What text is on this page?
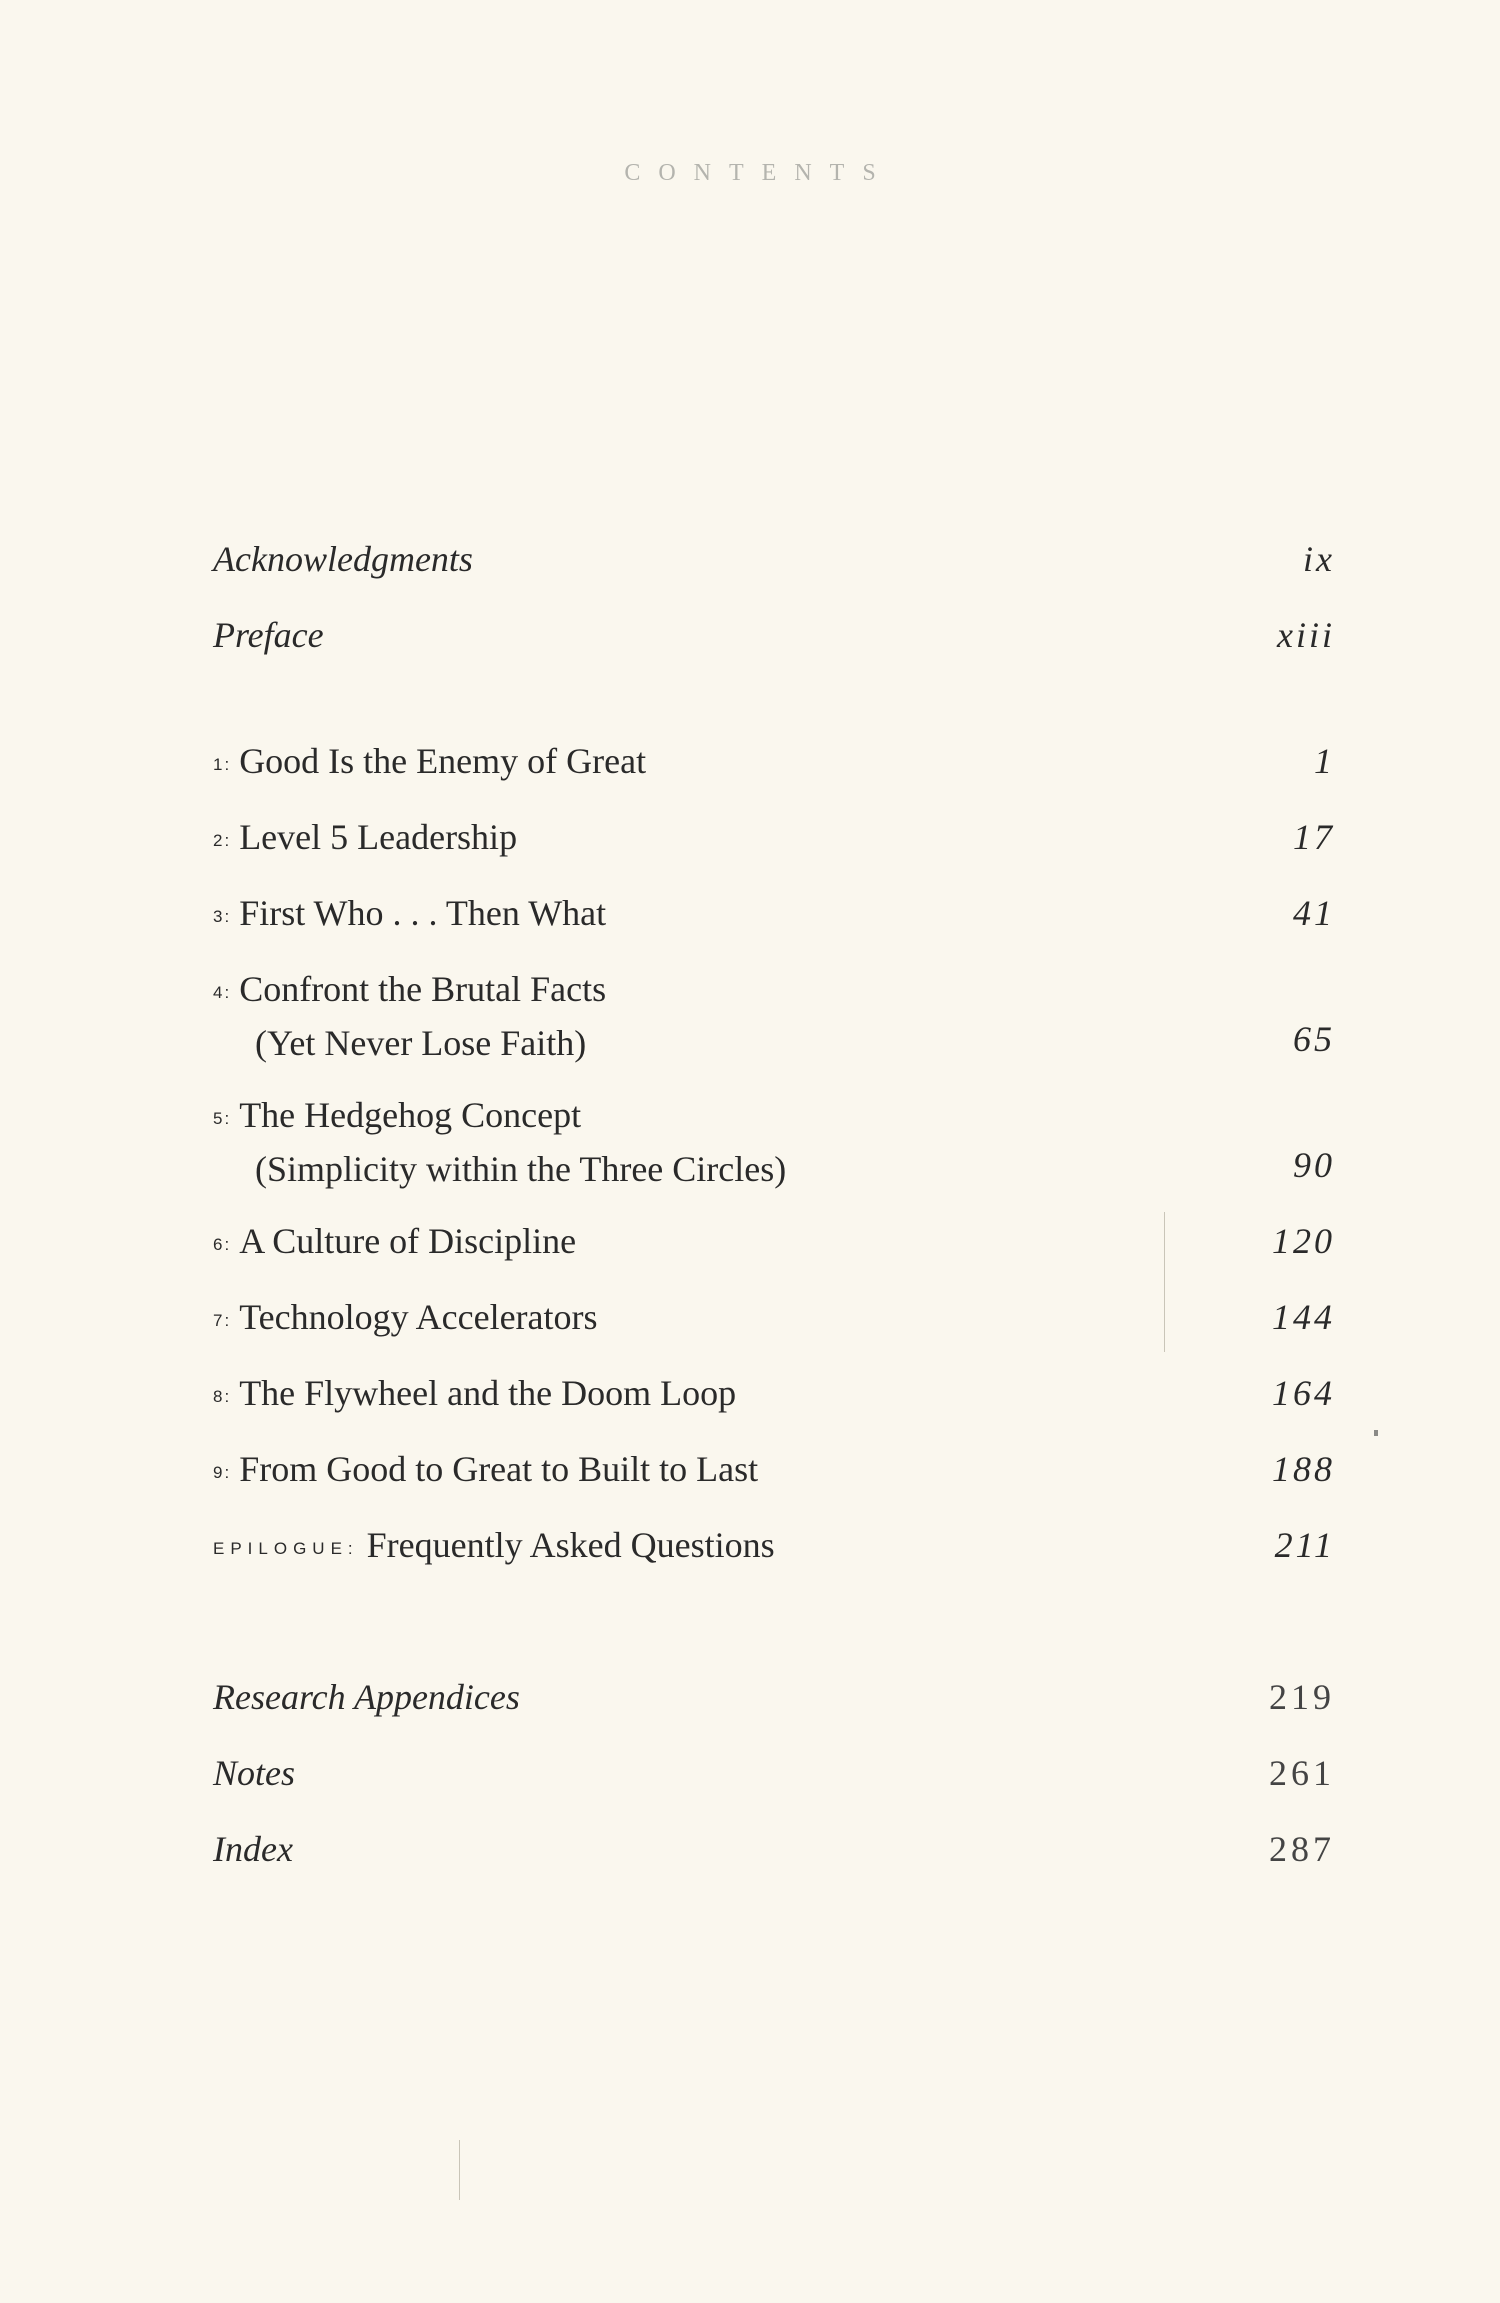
CONTENTS
Acknowledgments	ix
Preface	xiii
1: Good Is the Enemy of Great	1
2: Level 5 Leadership	17
3: First Who . . . Then What	41
4: Confront the Brutal Facts
(Yet Never Lose Faith)	65
5: The Hedgehog Concept
(Simplicity within the Three Circles)	90
6: A Culture of Discipline	120
7: Technology Accelerators	144
8: The Flywheel and the Doom Loop	164
9: From Good to Great to Built to Last	188
EPILOGUE: Frequently Asked Questions	211
Research Appendices	219
Notes	261
Index	287
